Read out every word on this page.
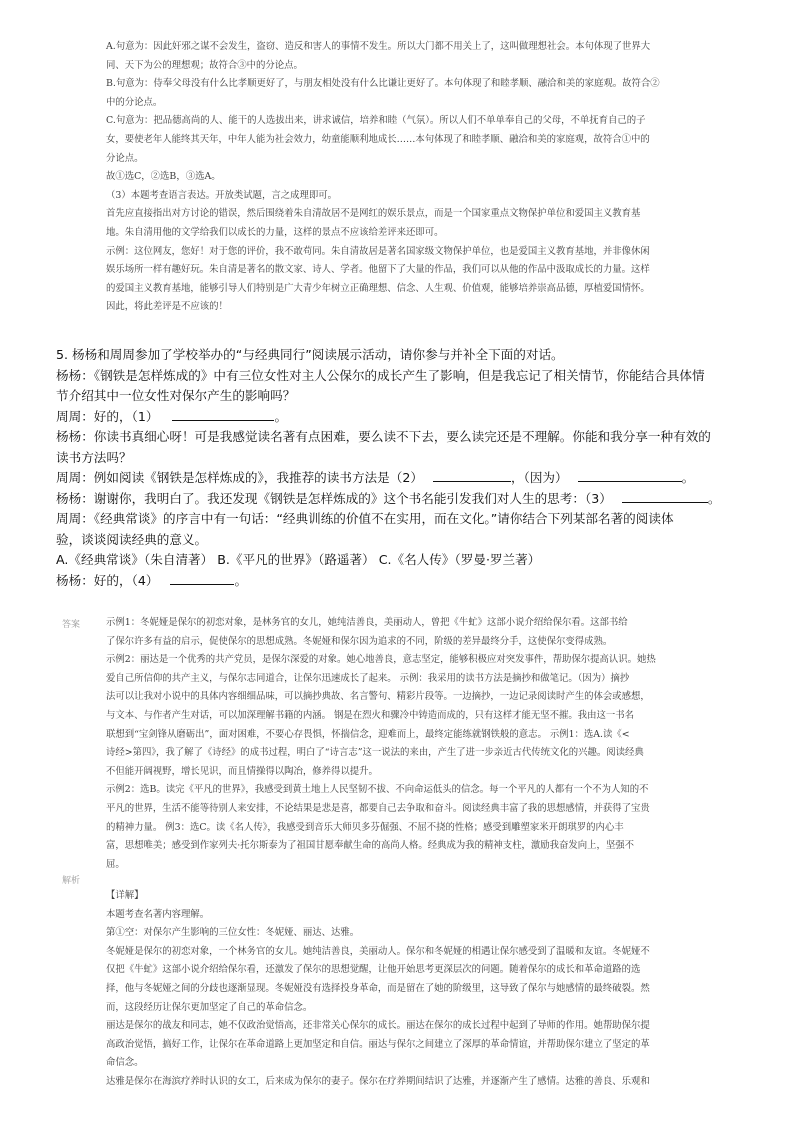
A.句意为：因此奸邪之谋不会发生，盗窃、造反和害人的事情不发生。所以大门都不用关上了，这叫做理想社会。本句体现了世界大

同、天下为公的理想观；故符合③中的分论点。

B.句意为：侍奉父母没有什么比孝顺更好了，与朋友相处没有什么比谦让更好了。本句体现了和睦孝顺、融洽和美的家庭观。故符合②

中的分论点。

C.句意为：把品德高尚的人、能干的人选拔出来，讲求诚信，培养和睦（气氛）。所以人们不单单奉自己的父母，不单抚育自己的子

女，要使老年人能终其天年，中年人能为社会效力，幼童能顺利地成长……本句体现了和睦孝顺、融洽和美的家庭观，故符合①中的

分论点。

故①选C，②选B，③选A。

（3）本题考查语言表达。开放类试题，言之成理即可。

首先应直接指出对方讨论的错误，然后围绕着朱自清故居不是网红的娱乐景点，而是一个国家重点文物保护单位和爱国主义教育基

地。朱自清用他的文学给我们以成长的力量，这样的景点不应该给差评来还即可。

示例：这位网友，您好！对于您的评价，我不敢苟同。朱自清故居是著名国家级文物保护单位，也是爱国主义教育基地，并非像休闲

娱乐场所一样有趣好玩。朱自清是著名的散文家、诗人、学者。他留下了大量的作品，我们可以从他的作品中汲取成长的力量。这样

的爱国主义教育基地，能够引导人们特别是广大青少年树立正确理想、信念、人生观、价值观，能够培养崇高品德，厚植爱国情怀。

因此，将此差评是不应该的！

5. 杨杨和周周参加了学校举办的“与经典同行”阅读展示活动，请你参与并补全下面的对话。

杨杨：《钢铁是怎样炼成的》中有三位女性对主人公保尔的成长产生了影响，但是我忘记了相关情节，你能结合具体情

节介绍其中一位女性对保尔产生的影响吗？

周周：好的，（1）	。

杨杨：你读书真细心呀！可是我感觉读名著有点困难，要么读不下去，要么读完还是不理解。你能和我分享一种有效的

读书方法吗？

周周：例如阅读《钢铁是怎样炼成的》，我推荐的读书方法是（2）	，（因为）	。

杨杨：谢谢你，我明白了。我还发现《钢铁是怎样炼成的》这个书名能引发我们对人生的思考：（3）	。

周周：《经典常谈》的序言中有一句话：“经典训练的价值不在实用，而在文化。”请你结合下列某部名著的阅读体

验，谈谈阅读经典的意义。

A.《经典常谈》（朱自清著） B.《平凡的世界》（路遥著） C.《名人传》（罗曼·罗兰著）

杨杨：好的，（4）	。

答案	示例1：冬妮娅是保尔的初恋对象，是林务官的女儿，她纯洁善良，美丽动人，曾把《牛虻》这部小说介绍给保尔看。这部书给

了保尔许多有益的启示，促使保尔的思想成熟。冬妮娅和保尔因为追求的不同，阶级的差异最终分手，这使保尔变得成熟。

示例2：丽达是一个优秀的共产党员，是保尔深爱的对象。她心地善良，意志坚定，能够积极应对突发事件，帮助保尔提高认识。她热

爱自己所信仰的共产主义，与保尔志同道合，让保尔迅速成长了起来。 示例：我采用的读书方法是摘抄和做笔记。（因为）摘抄

法可以让我对小说中的具体内容细细品味，可以摘抄典故、名言警句、精彩片段等。一边摘抄，一边记录阅读时产生的体会或感想，

与文本、与作者产生对话，可以加深理解书籍的内涵。 钢是在烈火和骤冷中铸造而成的，只有这样才能无坚不摧。我由这一书名

联想到“宝剑锋从磨砺出”，面对困难，不要心存畏惧，怀揣信念，迎难而上，最终定能练就钢铁般的意志。 示例1：选A.读《<

诗经>第四》，我了解了《诗经》的成书过程，明白了“诗言志”这一说法的来由，产生了进一步亲近古代传统文化的兴趣。阅读经典

不但能开阔视野，增长见识，而且情操得以陶冶，修养得以提升。

示例2：选B。读完《平凡的世界》，我感受到黄土地上人民坚韧不拔、不向命运低头的信念。每一个平凡的人都有一个不为人知的不

平凡的世界，生活不能等待别人来安排，不论结果是悲是喜，都要自己去争取和奋斗。阅读经典丰富了我的思想感情，并获得了宝贵

的精神力量。 例3：选C。读《名人传》，我感受到音乐大师贝多芬倔强、不屈不挠的性格；感受到雕塑家米开朗琪罗的内心丰

富，思想唯美；感受到作家列夫·托尔斯泰为了祖国甘愿奉献生命的高尚人格。经典成为我的精神支柱，激励我奋发向上，坚强不

屈。

解析

【详解】

本题考查名著内容理解。

第①空：对保尔产生影响的三位女性：冬妮娅、丽达、达雅。

冬妮娅是保尔的初恋对象，一个林务官的女儿。她纯洁善良，美丽动人。保尔和冬妮娅的相遇让保尔感受到了温暖和友谊。冬妮娅不

仅把《牛虻》这部小说介绍给保尔看，还激发了保尔的思想觉醒，让他开始思考更深层次的问题。随着保尔的成长和革命道路的选

择，他与冬妮娅之间的分歧也逐渐显现。冬妮娅没有选择投身革命，而是留在了她的阶级里，这导致了保尔与她感情的最终破裂。然

而，这段经历让保尔更加坚定了自己的革命信念。

丽达是保尔的战友和同志，她不仅政治觉悟高，还非常关心保尔的成长。丽达在保尔的成长过程中起到了导师的作用。她帮助保尔提

高政治觉悟，搞好工作，让保尔在革命道路上更加坚定和自信。丽达与保尔之间建立了深厚的革命情谊，并帮助保尔建立了坚定的革

命信念。

达雅是保尔在海滨疗养时认识的女工，后来成为保尔的妻子。保尔在疗养期间结识了达雅，并逐渐产生了感情。达雅的善良、乐观和
